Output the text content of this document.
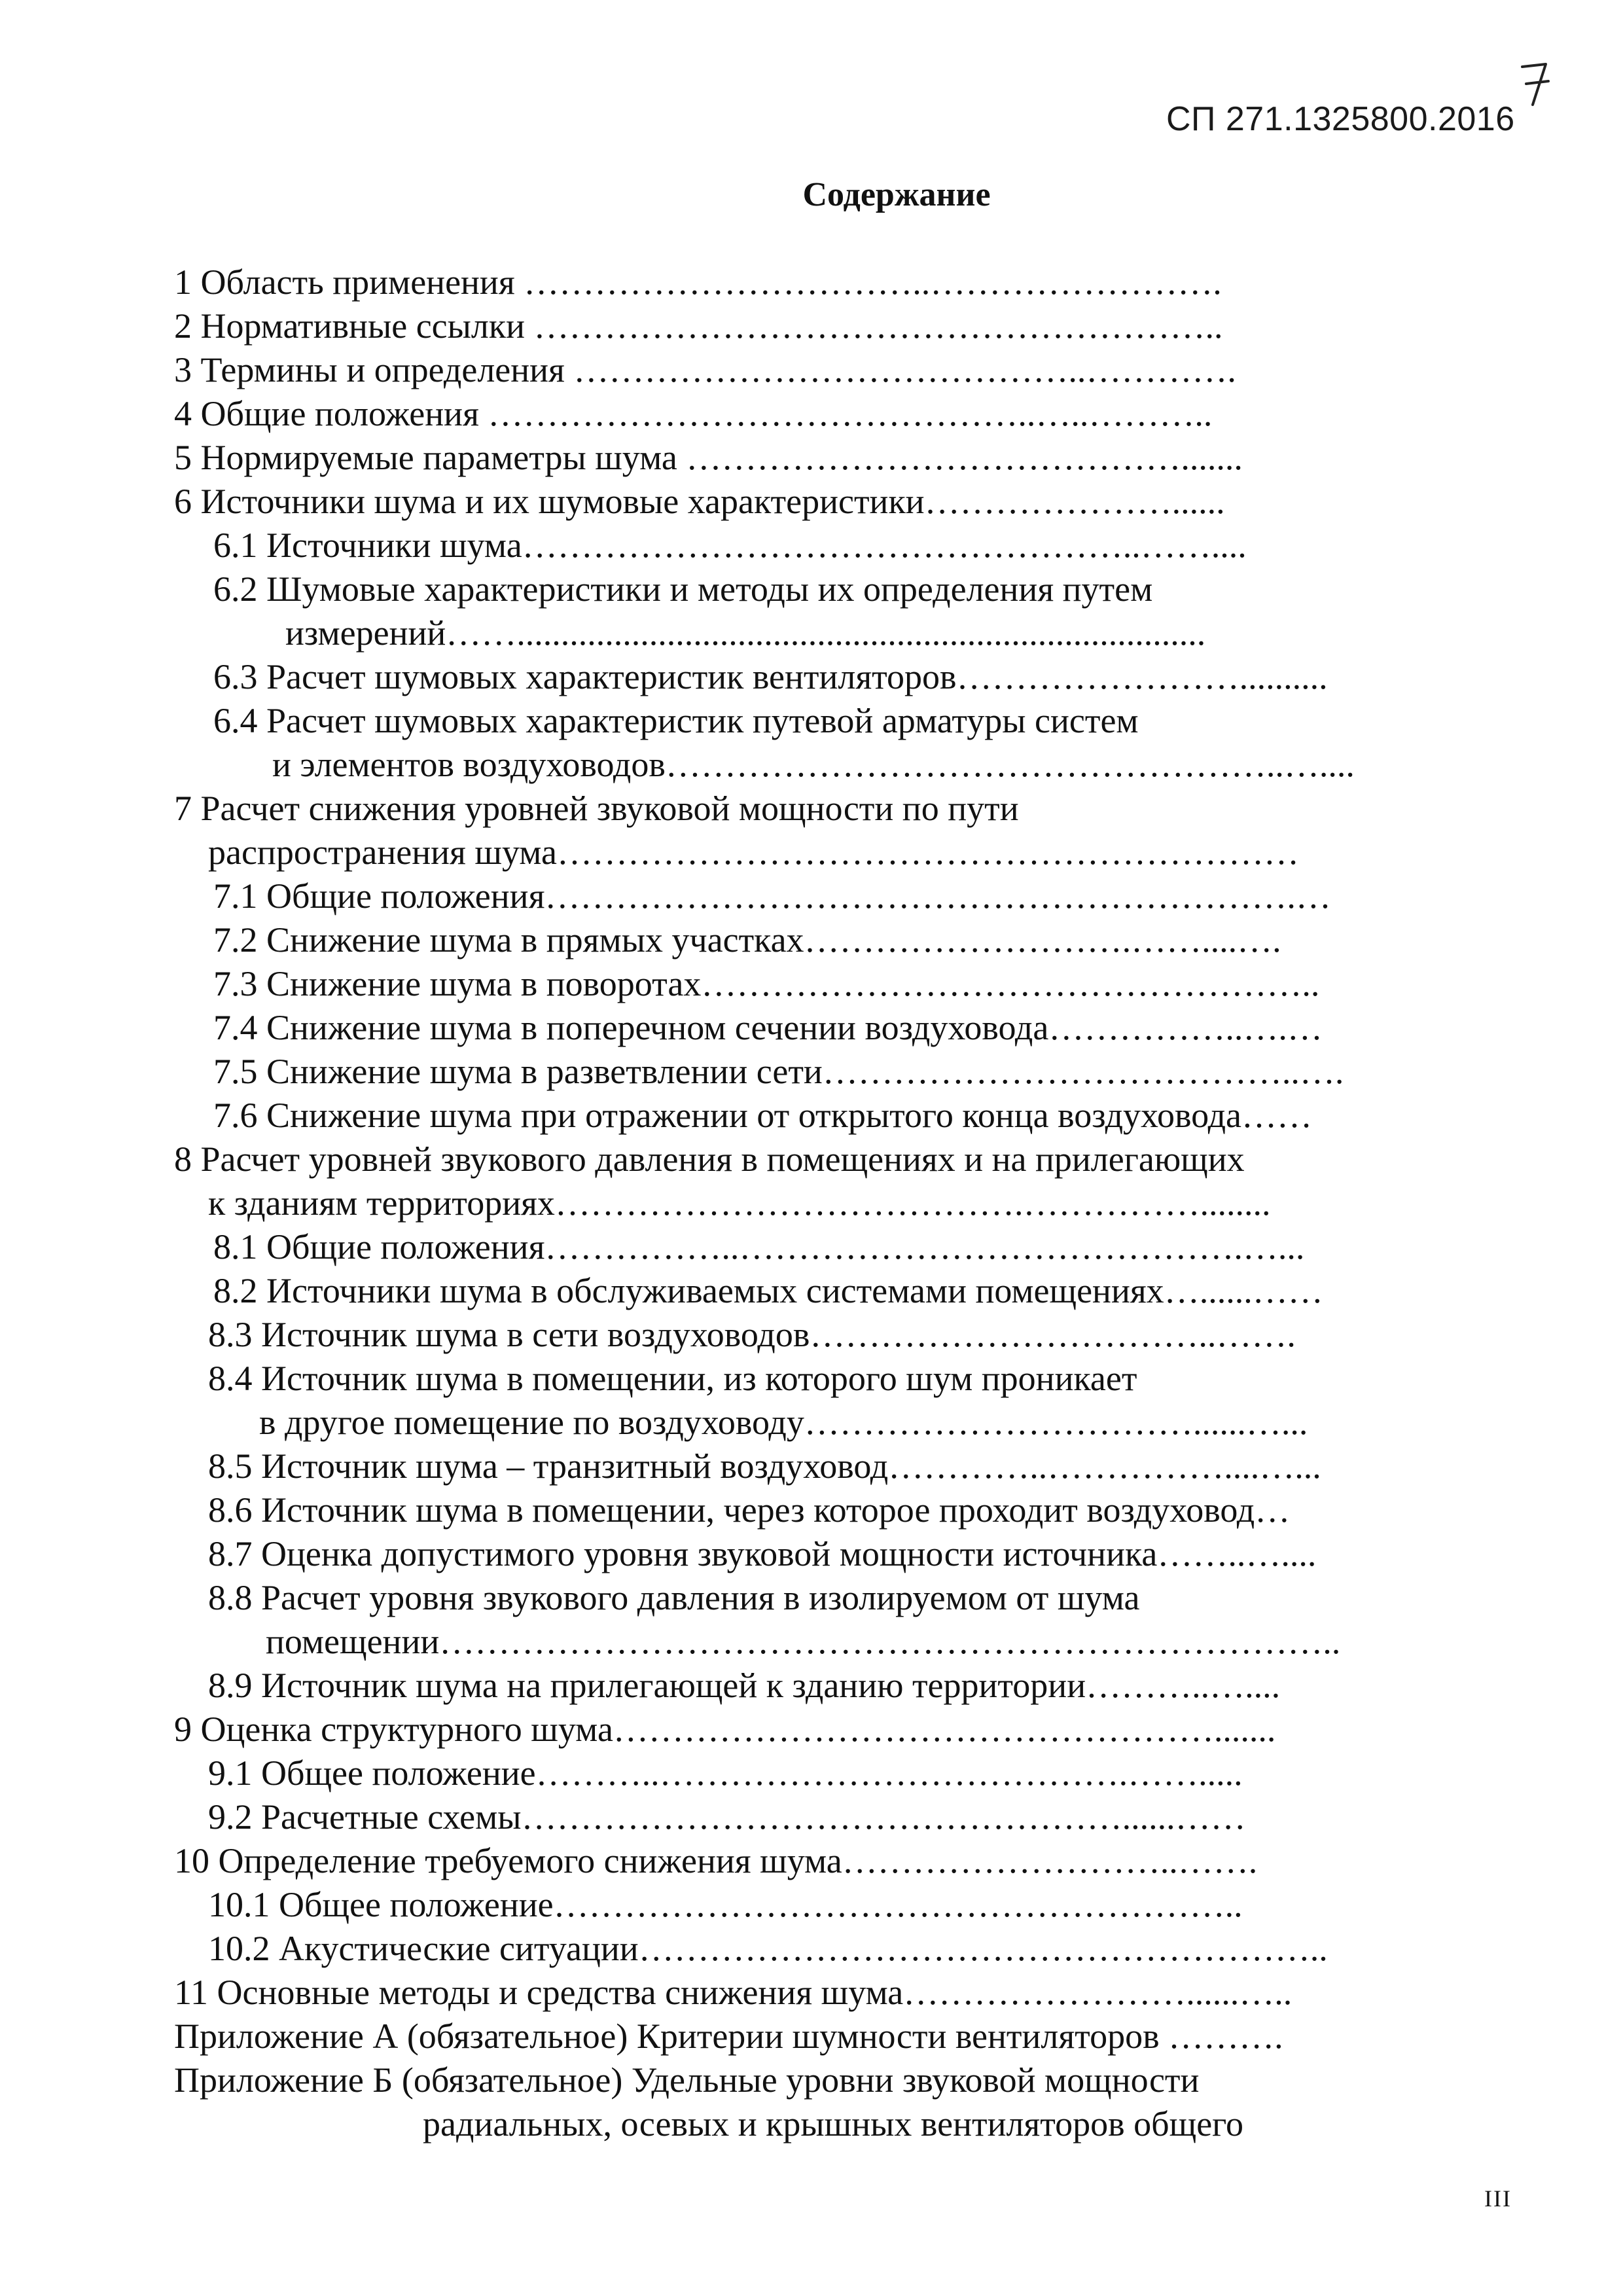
СП 271.1325800.2016
Содержание
1 Область применения ……………………………..…………………….
2 Нормативные ссылки …………………………………………………..
3 Термины и определения ……………………………………..………….
4 Общие положения ………………………………………..…..………..
5 Нормируемые параметры шума …………………………………….......
6 Источники шума и их шумовые характеристики…………………......
6.1 Источники шума……………………………………………..……....
6.2 Шумовые характеристики и методы их определения путем
измерений……..............................................................................
6.3 Расчет шумовых характеристик вентиляторов……………………..........
6.4 Расчет шумовых характеристик путевой арматуры систем
и элементов воздуховодов……………………………………………..…....
7 Расчет снижения уровней звуковой мощности по пути
распространения шума………………………………………………………
7.1 Общие положения……………………………………………………….…
7.2 Снижение шума в прямых участках……………………….……....….
7.3 Снижение шума в поворотах……………………………………………..
7.4 Снижение шума в поперечном сечении воздуховода……………..….…
7.5 Снижение шума в разветвлении сети…………………………………..….
7.6 Снижение шума при отражении от открытого конца воздуховода……
8 Расчет уровней звукового давления в помещениях и на прилегающих
к зданиям территориях………………………………….……………........
8.1 Общие положения……………..…………………………………….…...
8.2 Источники шума в обслуживаемых системами помещениях…......……
8.3 Источник шума в сети воздуховодов……………………………..…….
8.4 Источник шума в помещении, из которого шум проникает
в другое помещение по воздуховоду……………………………......…...
8.5 Источник шума – транзитный воздуховод…………..……………....…...
8.6 Источник шума в помещении, через которое проходит воздуховод…
8.7 Оценка допустимого уровня звуковой мощности источника……..…....
8.8 Расчет уровня звукового давления в изолируемом от шума
помещении…………………………………………………………………..
8.9 Источник шума на прилегающей к зданию территории………..…....
9 Оценка структурного шума…………………………………………….......
9.1 Общее положение………..………………………………….…….....
9.2 Расчетные схемы……………………………………………......……
10 Определение требуемого снижения шума………………………..…….
10.1 Общее положение…………………………………………………..
10.2 Акустические ситуации…………………………………………………..
11 Основные методы и средства снижения шума……………………......…..
Приложение А (обязательное) Критерии шумности вентиляторов ……….
Приложение Б (обязательное) Удельные уровни звуковой мощности
радиальных, осевых и крышных вентиляторов общего
III
